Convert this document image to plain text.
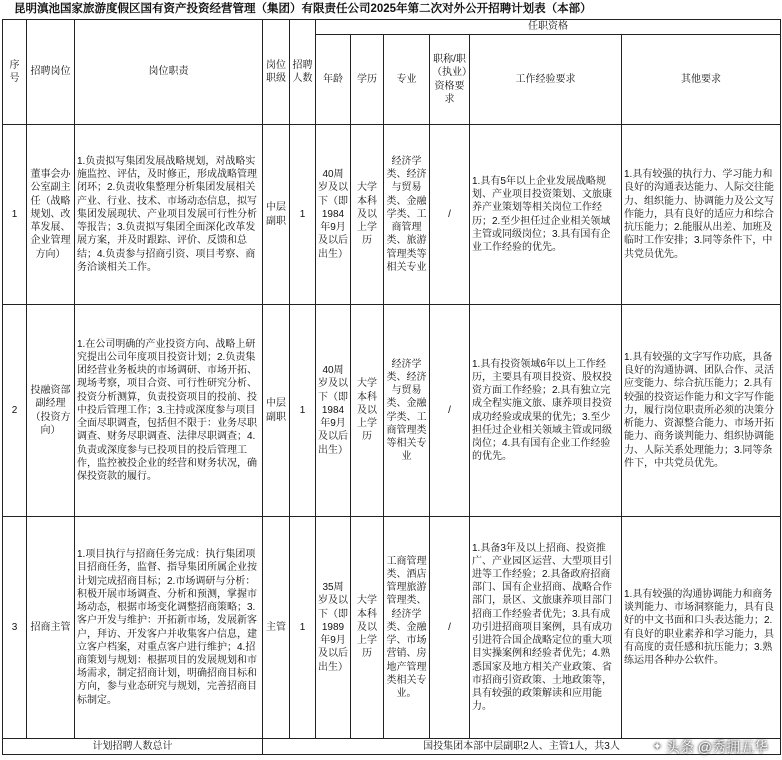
昆明滇池国家旅游度假区国有资产投资经营管理（集团）有限责任公司2025年第二次对外公开招聘计划表（本部）
序号	招聘岗位	岗位职责	岗位职级	招聘人数	任职资格					
					年龄	学历	专业	职称/职（执业）资格要求	工作经验要求	其他要求
1	董事会办公室副主任（战略规划、改革发展、企业管理方向）	1.负责拟写集团发展战略规划，对战略实施监控、评估，及时修正，形成战略管理闭环；2.负责收集整理分析集团发展相关产业、行业、技术、市场动态信息，拟写集团发展现状、产业项目发展可行性分析等报告；3.负责拟写集团全面深化改革发展方案，并及时跟踪、评价、反馈和总结；4.负责参与招商引资、项目考察、商务洽谈相关工作。	中层副职	1	40周岁及以下（即1984年9月及以后出生）	大学本科及以上学历	经济学类、经济与贸易类、金融学类、工商管理类、旅游管理类等相关专业	/	1.具有5年以上企业发展战略规划、产业项目投资策划、文旅康养产业策划等相关岗位工作经历；2.至少担任过企业相关领域主管或同级岗位；3.具有国有企业工作经验的优先。	1.具有较强的执行力、学习能力和良好的沟通表达能力、人际交往能力、组织能力、协调能力及公文写作能力，具有良好的适应力和综合抗压能力；2.能服从出差、加班及临时工作安排；3.同等条件下，中共党员优先。
2	投融资部副经理（投资方向）	1.在公司明确的产业投资方向、战略上研究提出公司年度项目投资计划；2.负责集团经营业务板块的市场调研、市场开拓、现场考察，项目合资、可行性研究分析、投资分析测算，负责投资项目的投前、投中投后管理工作；3.主持或深度参与项目全面尽职调查，包括但不限于：业务尽职调查、财务尽职调查、法律尽职调查；4.负责或深度参与已投项目的投后管理工作，监控被投企业的经营和财务状况，确保投资款的履行。	中层副职	1	40周岁及以下（即1984年9月及以后出生）	大学本科及以上学历	经济学类、经济与贸易类、金融学类、工商管理类等相关专业	/	1.具有投资领域6年以上工作经历，主要具有项目投资、股权投资方面工作经验；2.具有独立完成全程实施文旅、康养项目投资成功经验或成果的优先；3.至少担任过企业相关领域主管或同级岗位；4.具有国有企业工作经验的优先。	1.具有较强的文字写作功底，具备良好的沟通协调、团队合作、灵活应变能力、综合抗压能力；2.具有较强的投资运作能力和文字写作能力，履行岗位职责所必须的决策分析能力、资源整合能力、市场开拓能力、商务谈判能力、组织协调能力、人际关系处理能力；3.同等条件下，中共党员优先。
3	招商主管	1.项目执行与招商任务完成：执行集团项目招商任务，监督、指导集团所属企业按计划完成招商目标；2.市场调研与分析：积极开展市场调查、分析和预测，掌握市场动态，根据市场变化调整招商策略；3.客户开发与维护：开拓新市场，发展新客户，拜访、开发客户并收集客户信息，建立客户档案，对重点客户进行维护；4.招商策划与规划：根据项目的发展规划和市场需求，制定招商计划，明确招商目标和方向，参与业态研究与规划，完善招商目标制定。	主管	1	35周岁及以下（即1989年9月及以后出生）	大学本科及以上学历	工商管理类、酒店管理旅游管理类、经济学类、金融学、市场营销、房地产管理类相关专业。	/	1.具备3年及以上招商、投资推广、产业园区运营、大型项目引进等工作经验；2.具备政府招商部门、国有企业招商、战略合作部门，景区、文旅康养项目部门招商工作经验者优先；3.具有成功引进招商项目案例，具有成功引进符合国企战略定位的重大项目实操案例和经验者优先；4.熟悉国家及地方相关产业政策、省市招商引资政策、土地政策等，具有较强的政策解读和应用能力。	1.具有较强的沟通协调能力和商务谈判能力、市场洞察能力，具有良好的中文书面和口头表达能力；2.有良好的职业素养和学习能力，具有高度的责任感和抗压能力；3.熟练运用各种办公软件。
计划招聘人数总计			国投集团本部中层副职2人、主管1人，共3人								✦ 头条 @秀拥五华
